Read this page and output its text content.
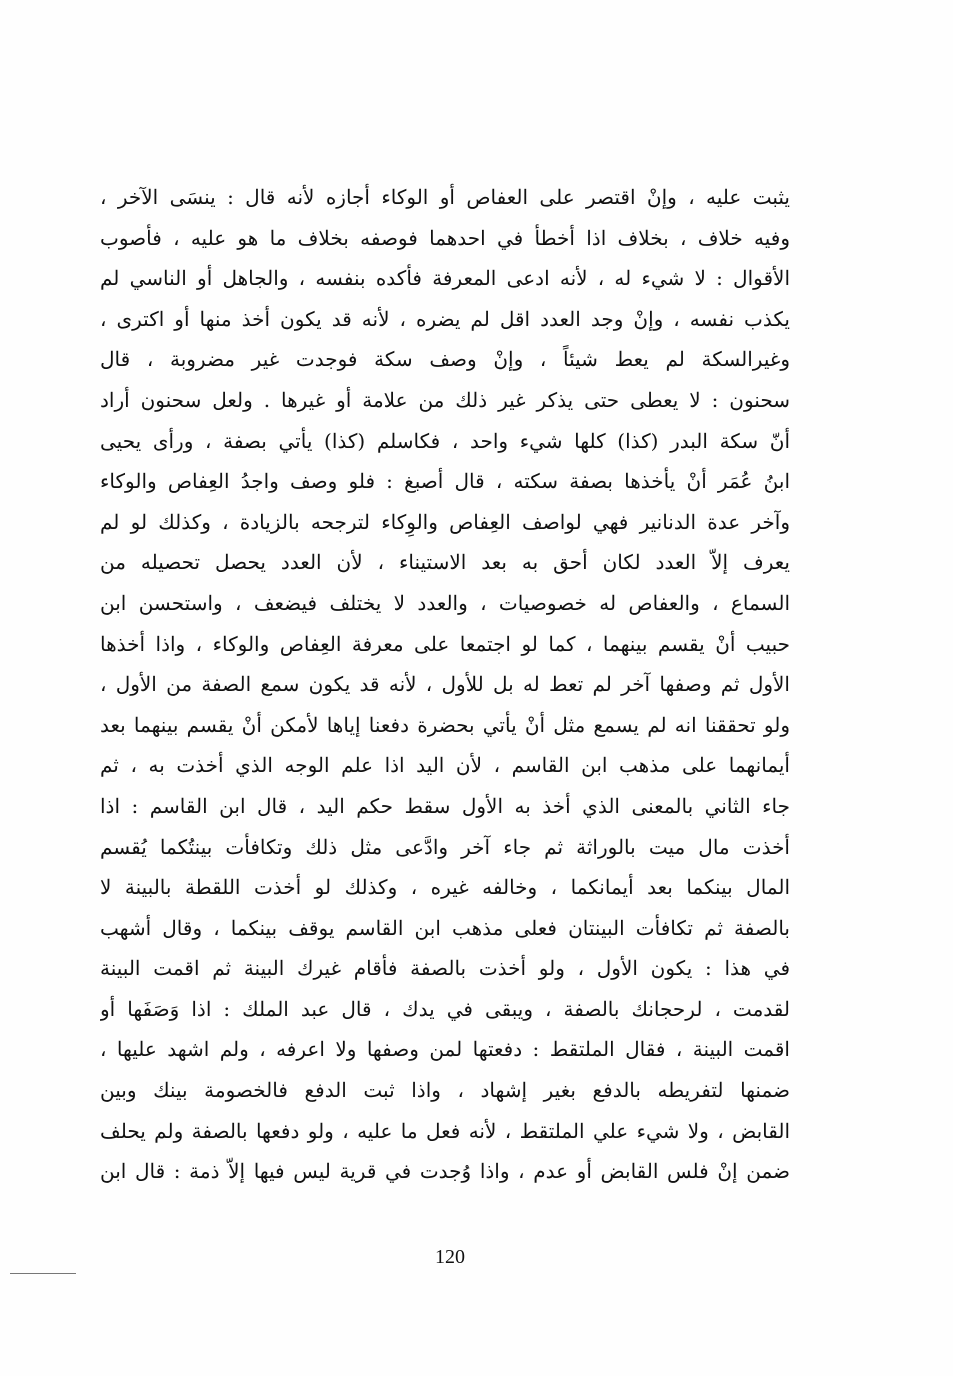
يثبت عليه ، وإنْ اقتصر على العفاص أو الوكاء أجازه لأنه قال : ينسَى الآخر ،
وفيه خلاف ، بخلاف اذا أخطأ في احدهما فوصفه بخلاف ما هو عليه ، فأصوب
الأقوال : لا شيء له ، لأنه ادعى المعرفة فأكده بنفسه ، والجاهل أو الناسي لم
يكذب نفسه ، وإنْ وجد العدد اقل لم يضره ، لأنه قد يكون أخذ منها أو اكترى ،
وغيرالسكة لم يعط شيئاً ، وإنْ وصف سكة فوجدت غير مضروبة ، قال
سحنون : لا يعطى حتى يذكر غير ذلك من علامة أو غيرها . ولعل سحنون أراد
أنّ سكة البدر (كذا) كلها شيء واحد ، فكاسلم (كذا) يأتي بصفة ، ورأى يحيى
ابنُ عُمَر أنْ يأخذها بصفة سكته ، قال أصبغ : فلو وصف واجدُ العِفاص والوكاء
وآخر عدة الدنانير فهي لواصف العِفاص والوِكاء لترجحه بالزيادة ، وكذلك لو لم
يعرف إلاّ العدد لكان أحق به بعد الاستيناء ، لأن العدد يحصل تحصيله من
السماع ، والعفاص له خصوصيات ، والعدد لا يختلف فيضعف ، واستحسن ابن
حبيب أنْ يقسم بينهما ، كما لو اجتمعا على معرفة العِفاص والوكاء ، واذا أخذها
الأول ثم وصفها آخر لم تعط له بل للأول ، لأنه قد يكون سمع الصفة من الأول ،
ولو تحققنا انه لم يسمع مثل أنْ يأتي بحضرة دفعنا إياها لأمكن أنْ يقسم بينهما بعد
أيمانهما على مذهب ابن القاسم ، لأن اليد اذا علم الوجه الذي أخذت به ، ثم
جاء الثاني بالمعنى الذي أخذ به الأول سقط حكم اليد ، قال ابن القاسم : اذا
أخذت مال ميت بالوراثة ثم جاء آخر وادَّعى مثل ذلك وتكافأت بينتُكما يُقسم
المال بينكما بعد أيمانكما ، وخالفه غيره ، وكذلك لو أخذت اللقطة بالبينة لا
بالصفة ثم تكافأت البينتان فعلى مذهب ابن القاسم يوقف بينكما ، وقال أشهب
في هذا : يكون الأول ، ولو أخذت بالصفة فأقام غيرك البينة ثم اقمت البينة
لقدمت ، لرحجانك بالصفة ، ويبقى في يدك ، قال عبد الملك : اذا وَصَفَها أو
اقمت البينة ، فقال الملتقط : دفعتها لمن وصفها ولا اعرفه ، ولم اشهد عليها ،
ضمنها لتفريطه بالدفع بغير إشهاد ، واذا ثبت الدفع فالخصومة بينك وبين
القابض ، ولا شيء علي الملتقط ، لأنه فعل ما عليه ، ولو دفعها بالصفة ولم يحلف
ضمن إنْ فلس القابض أو عدم ، واذا وُجدت في قرية ليس فيها إلاّ ذمة : قال ابن
120
